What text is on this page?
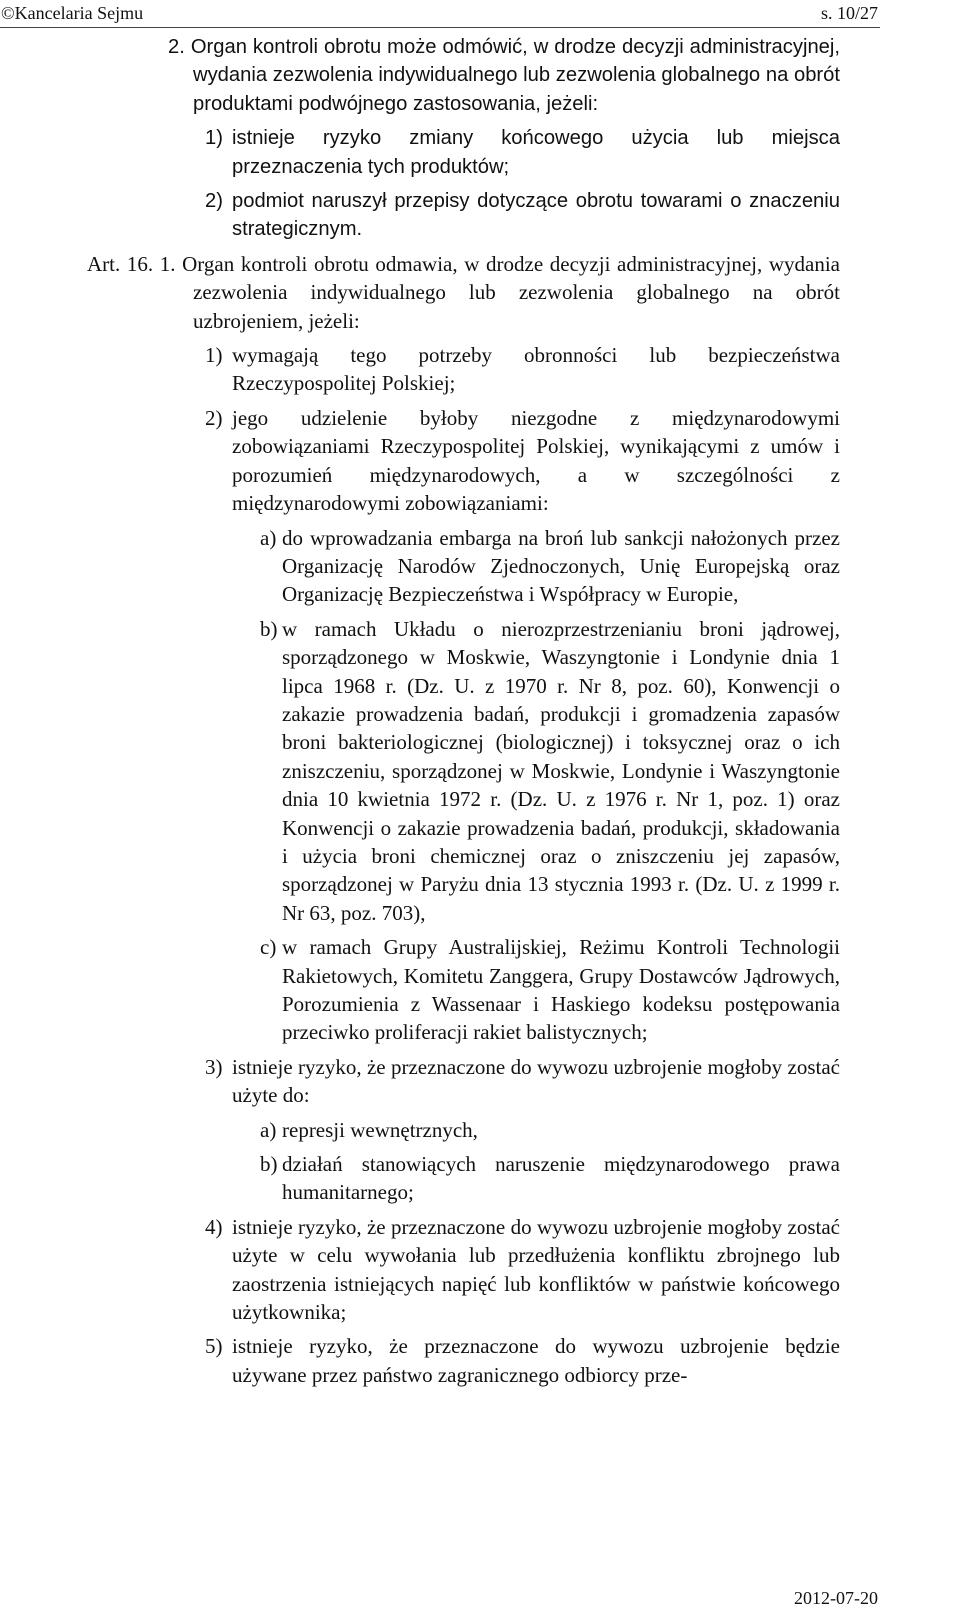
©Kancelaria Sejmu	s. 10/27

2. Organ kontroli obrotu może odmówić, w drodze decyzji administracyjnej, wydania zezwolenia indywidualnego lub zezwolenia globalnego na obrót produktami podwójnego zastosowania, jeżeli:

1) istnieje ryzyko zmiany końcowego użycia lub miejsca przeznaczenia tych produktów;

2) podmiot naruszył przepisy dotyczące obrotu towarami o znaczeniu strategicznym.

Art. 16. 1. Organ kontroli obrotu odmawia, w drodze decyzji administracyjnej, wydania zezwolenia indywidualnego lub zezwolenia globalnego na obrót uzbrojeniem, jeżeli:

1) wymagają tego potrzeby obronności lub bezpieczeństwa Rzeczypospolitej Polskiej;

2) jego udzielenie byłoby niezgodne z międzynarodowymi zobowiązaniami Rzeczypospolitej Polskiej, wynikającymi z umów i porozumień międzynarodowych, a w szczególności z międzynarodowymi zobowiązaniami:

a) do wprowadzania embarga na broń lub sankcji nałożonych przez Organizację Narodów Zjednoczonych, Unię Europejską oraz Organizację Bezpieczeństwa i Współpracy w Europie,

b) w ramach Układu o nierozprzestrzenianiu broni jądrowej, sporządzonego w Moskwie, Waszyngtonie i Londynie dnia 1 lipca 1968 r. (Dz. U. z 1970 r. Nr 8, poz. 60), Konwencji o zakazie prowadzenia badań, produkcji i gromadzenia zapasów broni bakteriologicznej (biologicznej) i toksycznej oraz o ich zniszczeniu, sporządzonej w Moskwie, Londynie i Waszyngtonie dnia 10 kwietnia 1972 r. (Dz. U. z 1976 r. Nr 1, poz. 1) oraz Konwencji o zakazie prowadzenia badań, produkcji, składowania i użycia broni chemicznej oraz o zniszczeniu jej zapasów, sporządzonej w Paryżu dnia 13 stycznia 1993 r. (Dz. U. z 1999 r. Nr 63, poz. 703),

c) w ramach Grupy Australijskiej, Reżimu Kontroli Technologii Rakietowych, Komitetu Zanggera, Grupy Dostawców Jądrowych, Porozumienia z Wassenaar i Haskiego kodeksu postępowania przeciwko proliferacji rakiet balistycznych;

3) istnieje ryzyko, że przeznaczone do wywozu uzbrojenie mogłoby zostać użyte do:

a) represji wewnętrznych,

b) działań stanowiących naruszenie międzynarodowego prawa humanitarnego;

4) istnieje ryzyko, że przeznaczone do wywozu uzbrojenie mogłoby zostać użyte w celu wywołania lub przedłużenia konfliktu zbrojnego lub zaostrzenia istniejących napięć lub konfliktów w państwie końcowego użytkownika;

5) istnieje ryzyko, że przeznaczone do wywozu uzbrojenie będzie używane przez państwo zagranicznego odbiorcy prze-

2012-07-20
